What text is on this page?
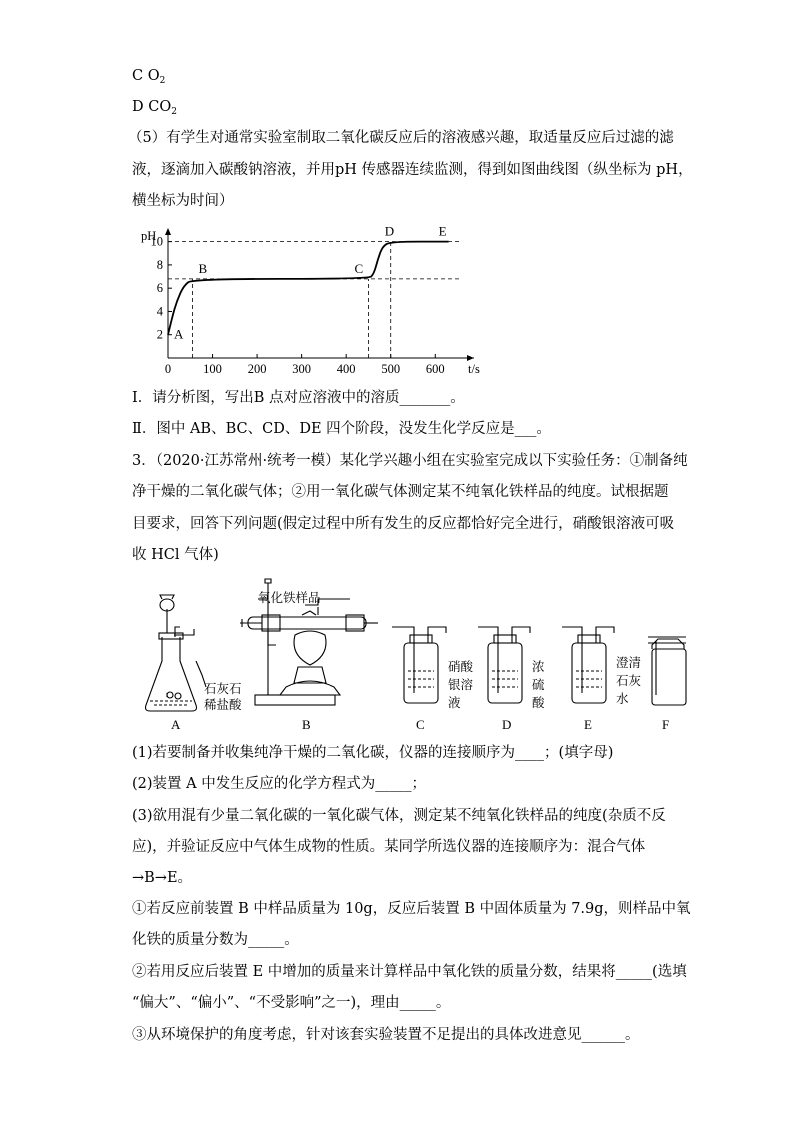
C $O_2$
D $CO_2$
（5）有学生对通常实验室制取二氧化碳反应后的溶液感兴趣，取适量反应后过滤的滤
液，逐滴加入碳酸钠溶液，并用pH 传感器连续监测，得到如图曲线图（纵坐标为 pH，
横坐标为时间）
0	100 200 300 400 500 600
2
4
6
8
10
t/s
pH
A
B	C
D	E
I．请分析图，写出B 点对应溶液中的溶质_______。
Ⅱ．图中 AB、BC、CD、DE 四个阶段，没发生化学反应是___。
3．（2020·江苏常州·统考一模）某化学兴趣小组在实验室完成以下实验任务：①制备纯
净干燥的二氧化碳气体；②用一氧化碳气体测定某不纯氧化铁样品的纯度。试根据题
目要求，回答下列问题(假定过程中所有发生的反应都恰好完全进行，硝酸银溶液可吸
收 HCl 气体)
氧化铁样品
石灰石
稀盐酸
硝酸
银溶
液
浓
硫
酸
澄清
石灰
水
A	B	C	D	E	F
(1)若要制备并收集纯净干燥的二氧化碳，仪器的连接顺序为____；(填字母)
(2)装置 A 中发生反应的化学方程式为_____；
(3)欲用混有少量二氧化碳的一氧化碳气体，测定某不纯氧化铁样品的纯度(杂质不反
应)，并验证反应中气体生成物的性质。某同学所选仪器的连接顺序为：混合气体
→B→E。
①若反应前装置 B 中样品质量为 10g，反应后装置 B 中固体质量为 7.9g，则样品中氧
化铁的质量分数为_____。
②若用反应后装置 E 中增加的质量来计算样品中氧化铁的质量分数，结果将_____(选填
“偏大”、“偏小”、“不受影响”之一)，理由_____。
③从环境保护的角度考虑，针对该套实验装置不足提出的具体改进意见______。
